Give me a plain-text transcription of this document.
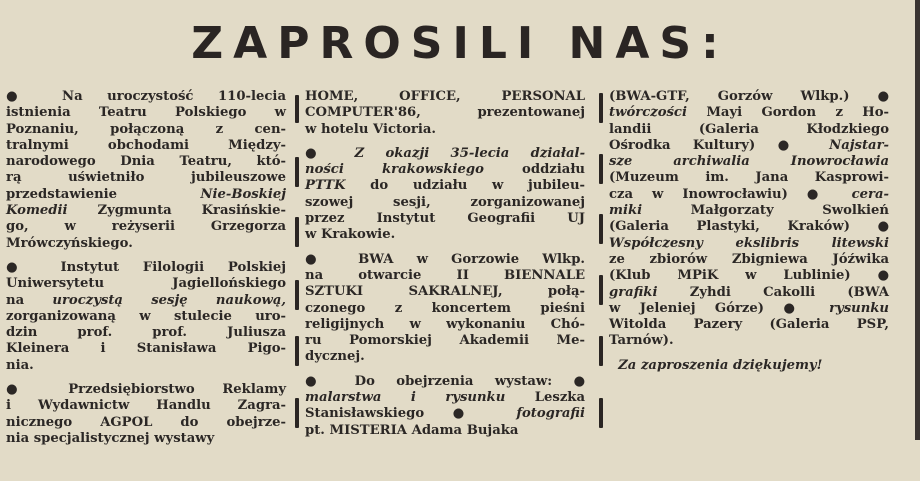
ZAPROSILI NAS:
● Na uroczystość 110-lecia
istnienia Teatru Polskiego w
Poznaniu, połączoną z cen-
tralnymi	obchodami	Między-
narodowego Dnia Teatru, któ-
rą	uświetniło	jubileuszowe
przedstawienie	Nie-Boskiej
Komedii Zygmunta Krasińskie-
go,	w	reżyserii	Grzegorza
Mrówczyńskiego.
● Instytut Filologii Polskiej
Uniwersytetu	Jagiellońskiego
na uroczystą sesję naukową,
zorganizowaną w stulecie uro-
dzin	prof.	prof.	Juliusza
Kleinera i Stanisława Pigo-
nia.
● Przedsiębiorstwo Reklamy
i Wydawnictw Handlu Zagra-
nicznego AGPOL do obejrze-
nia specjalistycznej wystawy
HOME,	OFFICE,	PERSONAL
COMPUTER'86,	prezentowanej
w hotelu Victoria.
● Z okazji 35-lecia działal-
ności	krakowskiego	oddziału
PTTK do udziału w jubileu-
szowej	sesji,	zorganizowanej
przez Instytut Geografii UJ
w Krakowie.
● BWA w Gorzowie Wlkp.
na	otwarcie	II	BIENNALE
SZTUKI	SAKRALNEJ,	połą-
czonego z koncertem pieśni
religijnych w wykonaniu Chó-
ru Pomorskiej Akademii Me-
dycznej.
● Do obejrzenia wystaw: ●
malarstwa i rysunku Leszka
Stanisławskiego ● fotografii
pt. MISTERIA Adama Bujaka
(BWA-GTF, Gorzów Wlkp.) ●
twórczości Mayi Gordon z Ho-
landii	(Galeria	Kłodzkiego
Ośrodka Kultury) ● Najstar-
sze	archiwalia	Inowrocławia
(Muzeum im. Jana Kasprowi-
cza w Inowrocławiu) ● cera-
miki	Małgorzaty	Swolkień
(Galeria Plastyki, Kraków) ●
Współczesny ekslibris litewski
ze zbiorów Zbigniewa Jóźwika
(Klub MPiK w Lublinie) ●
grafiki Zyhdi Cakolli (BWA
w Jeleniej Górze) ● rysunku
Witolda Pazery (Galeria PSP,
Tarnów).
Za zaproszenia dziękujemy!
